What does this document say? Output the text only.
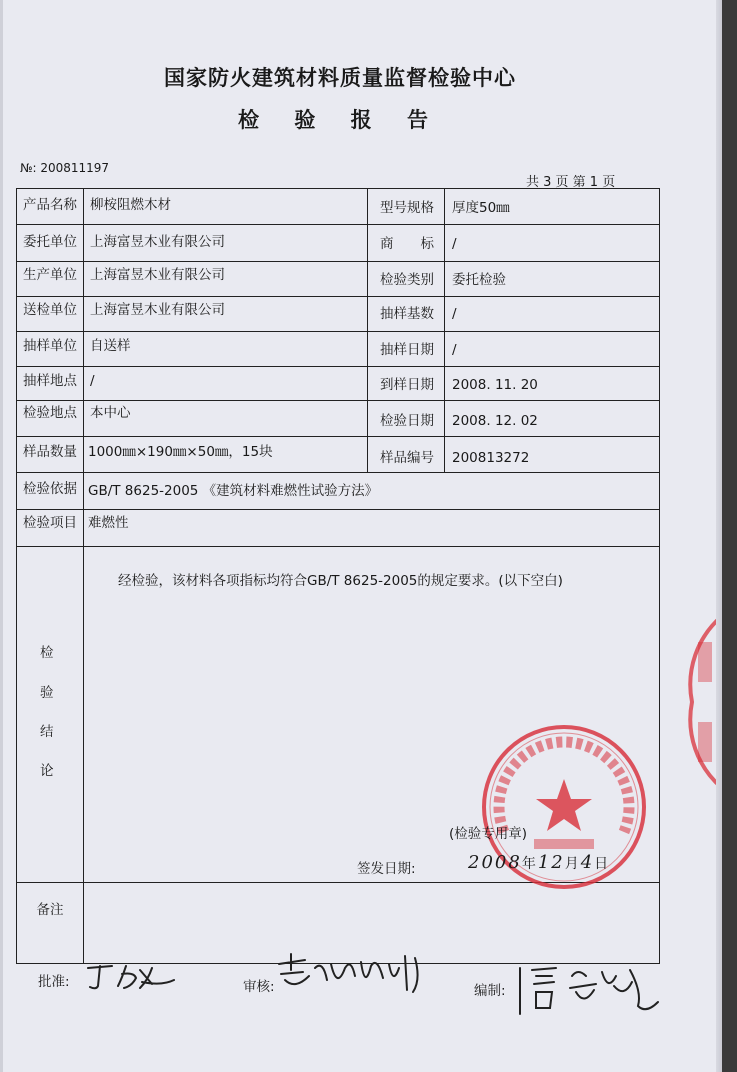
国家防火建筑材料质量监督检验中心
检 验 报 告
№: 200811197
共 3 页 第 1 页
产品名称 柳桉阻燃木材	型号规格	厚度50㎜
委托单位 上海富昱木业有限公司	商　　标	/
生产单位 上海富昱木业有限公司	检验类别	委托检验
送检单位 上海富昱木业有限公司	抽样基数	/
抽样单位 自送样	抽样日期	/
抽样地点 /	到样日期	2008. 11. 20
检验地点 本中心	检验日期	2008. 12. 02
样品数量 1000㎜×190㎜×50㎜，15块	样品编号	200813272
检验依据 GB/T 8625-2005 《建筑材料难燃性试验方法》
检验项目 难燃性
检
验
结
论
经检验，该材料各项指标均符合GB/T 8625-2005的规定要求。(以下空白)
(检验专用章)
签发日期:	2008年12月4日
备注
批准:	审核:	编制:
